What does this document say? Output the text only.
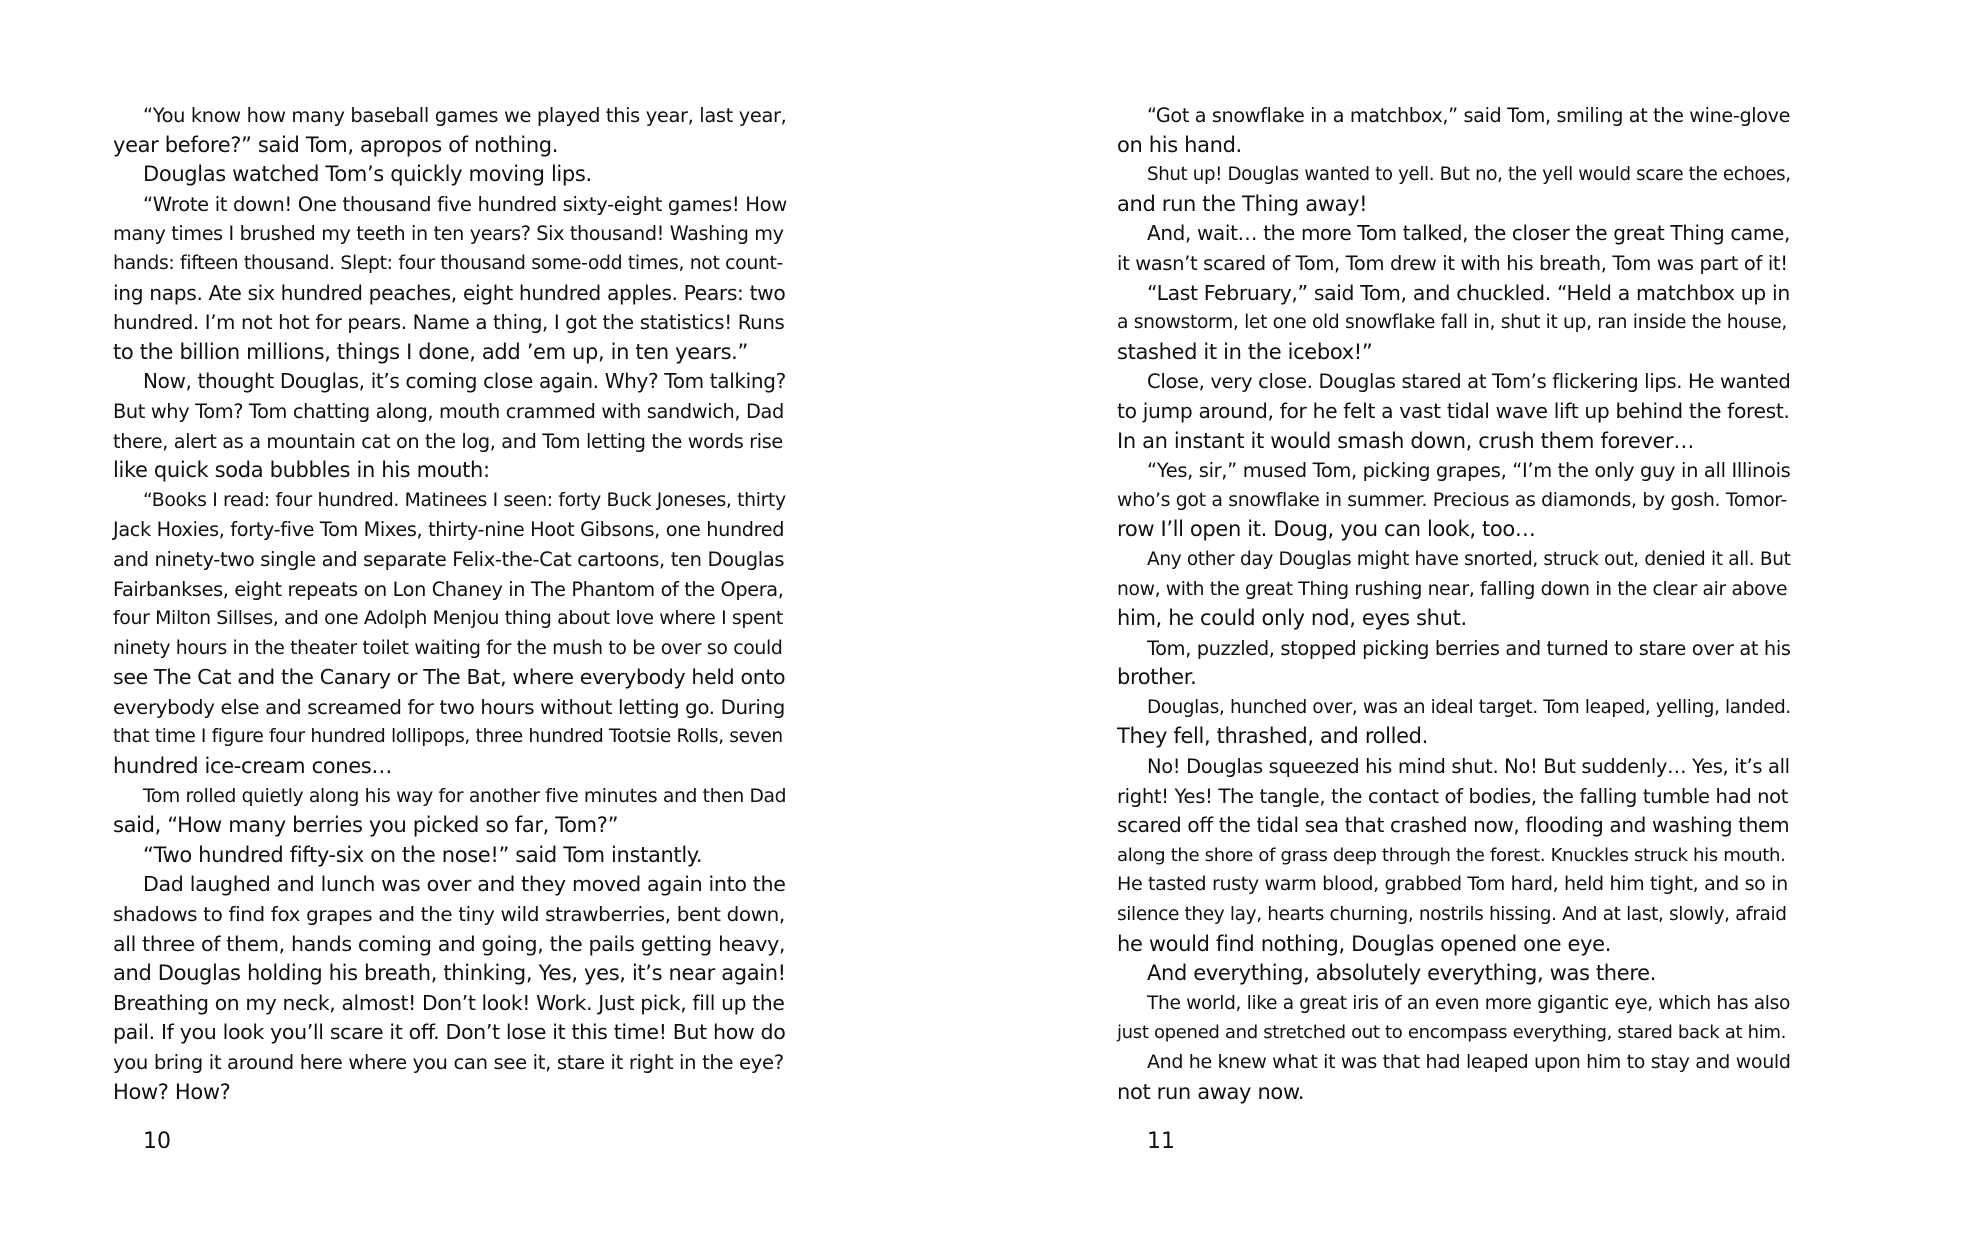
“You know how many baseball games we played this year, last year,
year before?” said Tom, apropos of nothing.
Douglas watched Tom’s quickly moving lips.
“Wrote it down! One thousand five hundred sixty-eight games! How
many times I brushed my teeth in ten years? Six thousand! Washing my
hands: fifteen thousand. Slept: four thousand some-odd times, not count-
ing naps. Ate six hundred peaches, eight hundred apples. Pears: two
hundred. I’m not hot for pears. Name a thing, I got the statistics! Runs
to the billion millions, things I done, add ’em up, in ten years.”
Now, thought Douglas, it’s coming close again. Why? Tom talking?
But why Tom? Tom chatting along, mouth crammed with sandwich, Dad
there, alert as a mountain cat on the log, and Tom letting the words rise
like quick soda bubbles in his mouth:
“Books I read: four hundred. Matinees I seen: forty Buck Joneses, thirty
Jack Hoxies, forty-five Tom Mixes, thirty-nine Hoot Gibsons, one hundred
and ninety-two single and separate Felix-the-Cat cartoons, ten Douglas
Fairbankses, eight repeats on Lon Chaney in The Phantom of the Opera,
four Milton Sillses, and one Adolph Menjou thing about love where I spent
ninety hours in the theater toilet waiting for the mush to be over so could
see The Cat and the Canary or The Bat, where everybody held onto
everybody else and screamed for two hours without letting go. During
that time I figure four hundred lollipops, three hundred Tootsie Rolls, seven
hundred ice-cream cones…
Tom rolled quietly along his way for another five minutes and then Dad
said, “How many berries you picked so far, Tom?”
“Two hundred fifty-six on the nose!” said Tom instantly.
Dad laughed and lunch was over and they moved again into the
shadows to find fox grapes and the tiny wild strawberries, bent down,
all three of them, hands coming and going, the pails getting heavy,
and Douglas holding his breath, thinking, Yes, yes, it’s near again!
Breathing on my neck, almost! Don’t look! Work. Just pick, fill up the
pail. If you look you’ll scare it off. Don’t lose it this time! But how do
you bring it around here where you can see it, stare it right in the eye?
How? How?
10
“Got a snowflake in a matchbox,” said Tom, smiling at the wine-glove
on his hand.
Shut up! Douglas wanted to yell. But no, the yell would scare the echoes,
and run the Thing away!
And, wait… the more Tom talked, the closer the great Thing came,
it wasn’t scared of Tom, Tom drew it with his breath, Tom was part of it!
“Last February,” said Tom, and chuckled. “Held a matchbox up in
a snowstorm, let one old snowflake fall in, shut it up, ran inside the house,
stashed it in the icebox!”
Close, very close. Douglas stared at Tom’s flickering lips. He wanted
to jump around, for he felt a vast tidal wave lift up behind the forest.
In an instant it would smash down, crush them forever…
“Yes, sir,” mused Tom, picking grapes, “I’m the only guy in all Illinois
who’s got a snowflake in summer. Precious as diamonds, by gosh. Tomor-
row I’ll open it. Doug, you can look, too…
Any other day Douglas might have snorted, struck out, denied it all. But
now, with the great Thing rushing near, falling down in the clear air above
him, he could only nod, eyes shut.
Tom, puzzled, stopped picking berries and turned to stare over at his
brother.
Douglas, hunched over, was an ideal target. Tom leaped, yelling, landed.
They fell, thrashed, and rolled.
No! Douglas squeezed his mind shut. No! But suddenly… Yes, it’s all
right! Yes! The tangle, the contact of bodies, the falling tumble had not
scared off the tidal sea that crashed now, flooding and washing them
along the shore of grass deep through the forest. Knuckles struck his mouth.
He tasted rusty warm blood, grabbed Tom hard, held him tight, and so in
silence they lay, hearts churning, nostrils hissing. And at last, slowly, afraid
he would find nothing, Douglas opened one eye.
And everything, absolutely everything, was there.
The world, like a great iris of an even more gigantic eye, which has also
just opened and stretched out to encompass everything, stared back at him.
And he knew what it was that had leaped upon him to stay and would
not run away now.
11
